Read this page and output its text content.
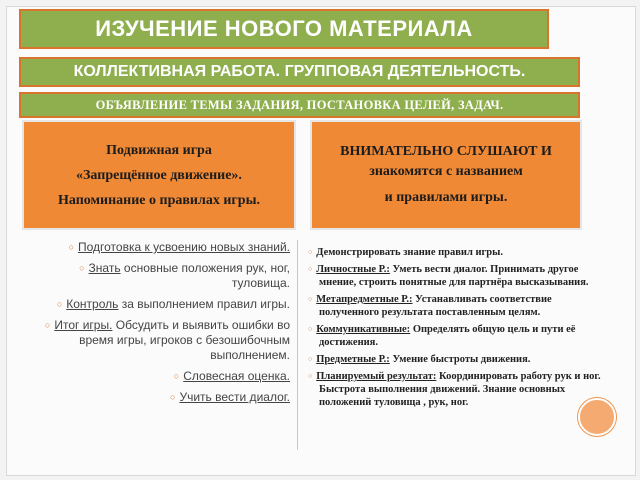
ИЗУЧЕНИЕ НОВОГО МАТЕРИАЛА
КОЛЛЕКТИВНАЯ РАБОТА. ГРУППОВАЯ ДЕЯТЕЛЬНОСТЬ.
ОБЪЯВЛЕНИЕ ТЕМЫ ЗАДАНИЯ, ПОСТАНОВКА ЦЕЛЕЙ, ЗАДАЧ.
Подвижная игра
«Запрещённое движение».
Напоминание о правилах игры.
ВНИМАТЕЛЬНО СЛУШАЮТ И знакомятся с названием
и правилами игры.
○ Подготовка к усвоению новых знаний.
○ Знать основные положения рук, ног, туловища.
○ Контроль за выполнением правил игры.
○ Итог игры. Обсудить и выявить ошибки во время игры, игроков с безошибочным выполнением.
○ Словесная оценка.
○ Учить вести диалог.
○ Демонстрировать знание правил игры.
○ Личностные Р.: Уметь вести диалог. Принимать другое мнение, строить понятные для партнёра высказывания.
○ Метапредметные Р.: Устанавливать соответствие полученного результата поставленным целям.
○ Коммуникативные: Определять общую цель и пути её достижения.
○ Предметные Р.: Умение быстроты движения.
○ Планируемый результат: Координировать работу рук и ног. Быстрота выполнения движений. Знание основных положений туловища , рук, ног.
